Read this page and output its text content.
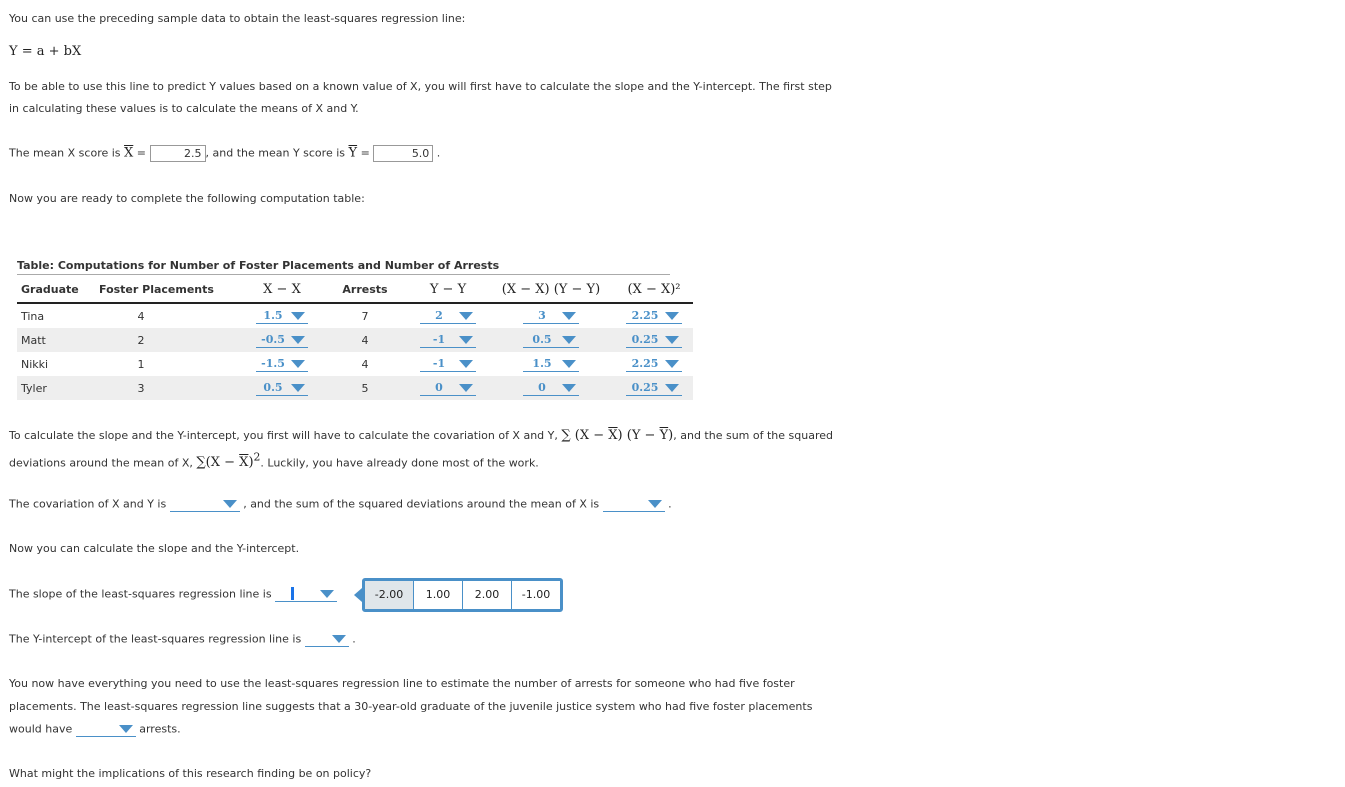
You can use the preceding sample data to obtain the least-squares regression line:
Y = a + bX
To be able to use this line to predict Y values based on a known value of X, you will first have to calculate the slope and the Y-intercept. The first step
in calculating these values is to calculate the means of X and Y.
The mean X score is $\overline{X}$ =	2.5 , and the mean Y score is $\overline{Y}$ =	5.0 .
Now you are ready to complete the following computation table:
Table: Computations for Number of Foster Placements and Number of Arrests
Graduate	Foster Placements	X − X	Arrests	Y − Y	(X − X) (Y − Y)	(X − X)²
Tina	4	1.5	7	2	3	2.25

Matt	2	-0.5	4	-1	0.5	0.25

Nikki	1	-1.5	4	-1	1.5	2.25

Tyler	3	0.5	5	0	0	0.25
To calculate the slope and the Y-intercept, you first will have to calculate the covariation of X and Y, ∑ $(X - \overline{X})$ $(Y - \overline{Y})$, and the sum of the squared
deviations around the mean of X, $\sum(X - \overline{X})^2$. Luckily, you have already done most of the work.
The covariation of X and Y is	, and the sum of the squared deviations around the mean of X is	.
Now you can calculate the slope and the Y-intercept.
The slope of the least-squares regression line is
The Y-intercept of the least-squares regression line is	.
You now have everything you need to use the least-squares regression line to estimate the number of arrests for someone who had five foster
placements. The least-squares regression line suggests that a 30-year-old graduate of the juvenile justice system who had five foster placements
would have	arrests.
What might the implications of this research finding be on policy?
-2.00	1.00	2.00	-1.00
